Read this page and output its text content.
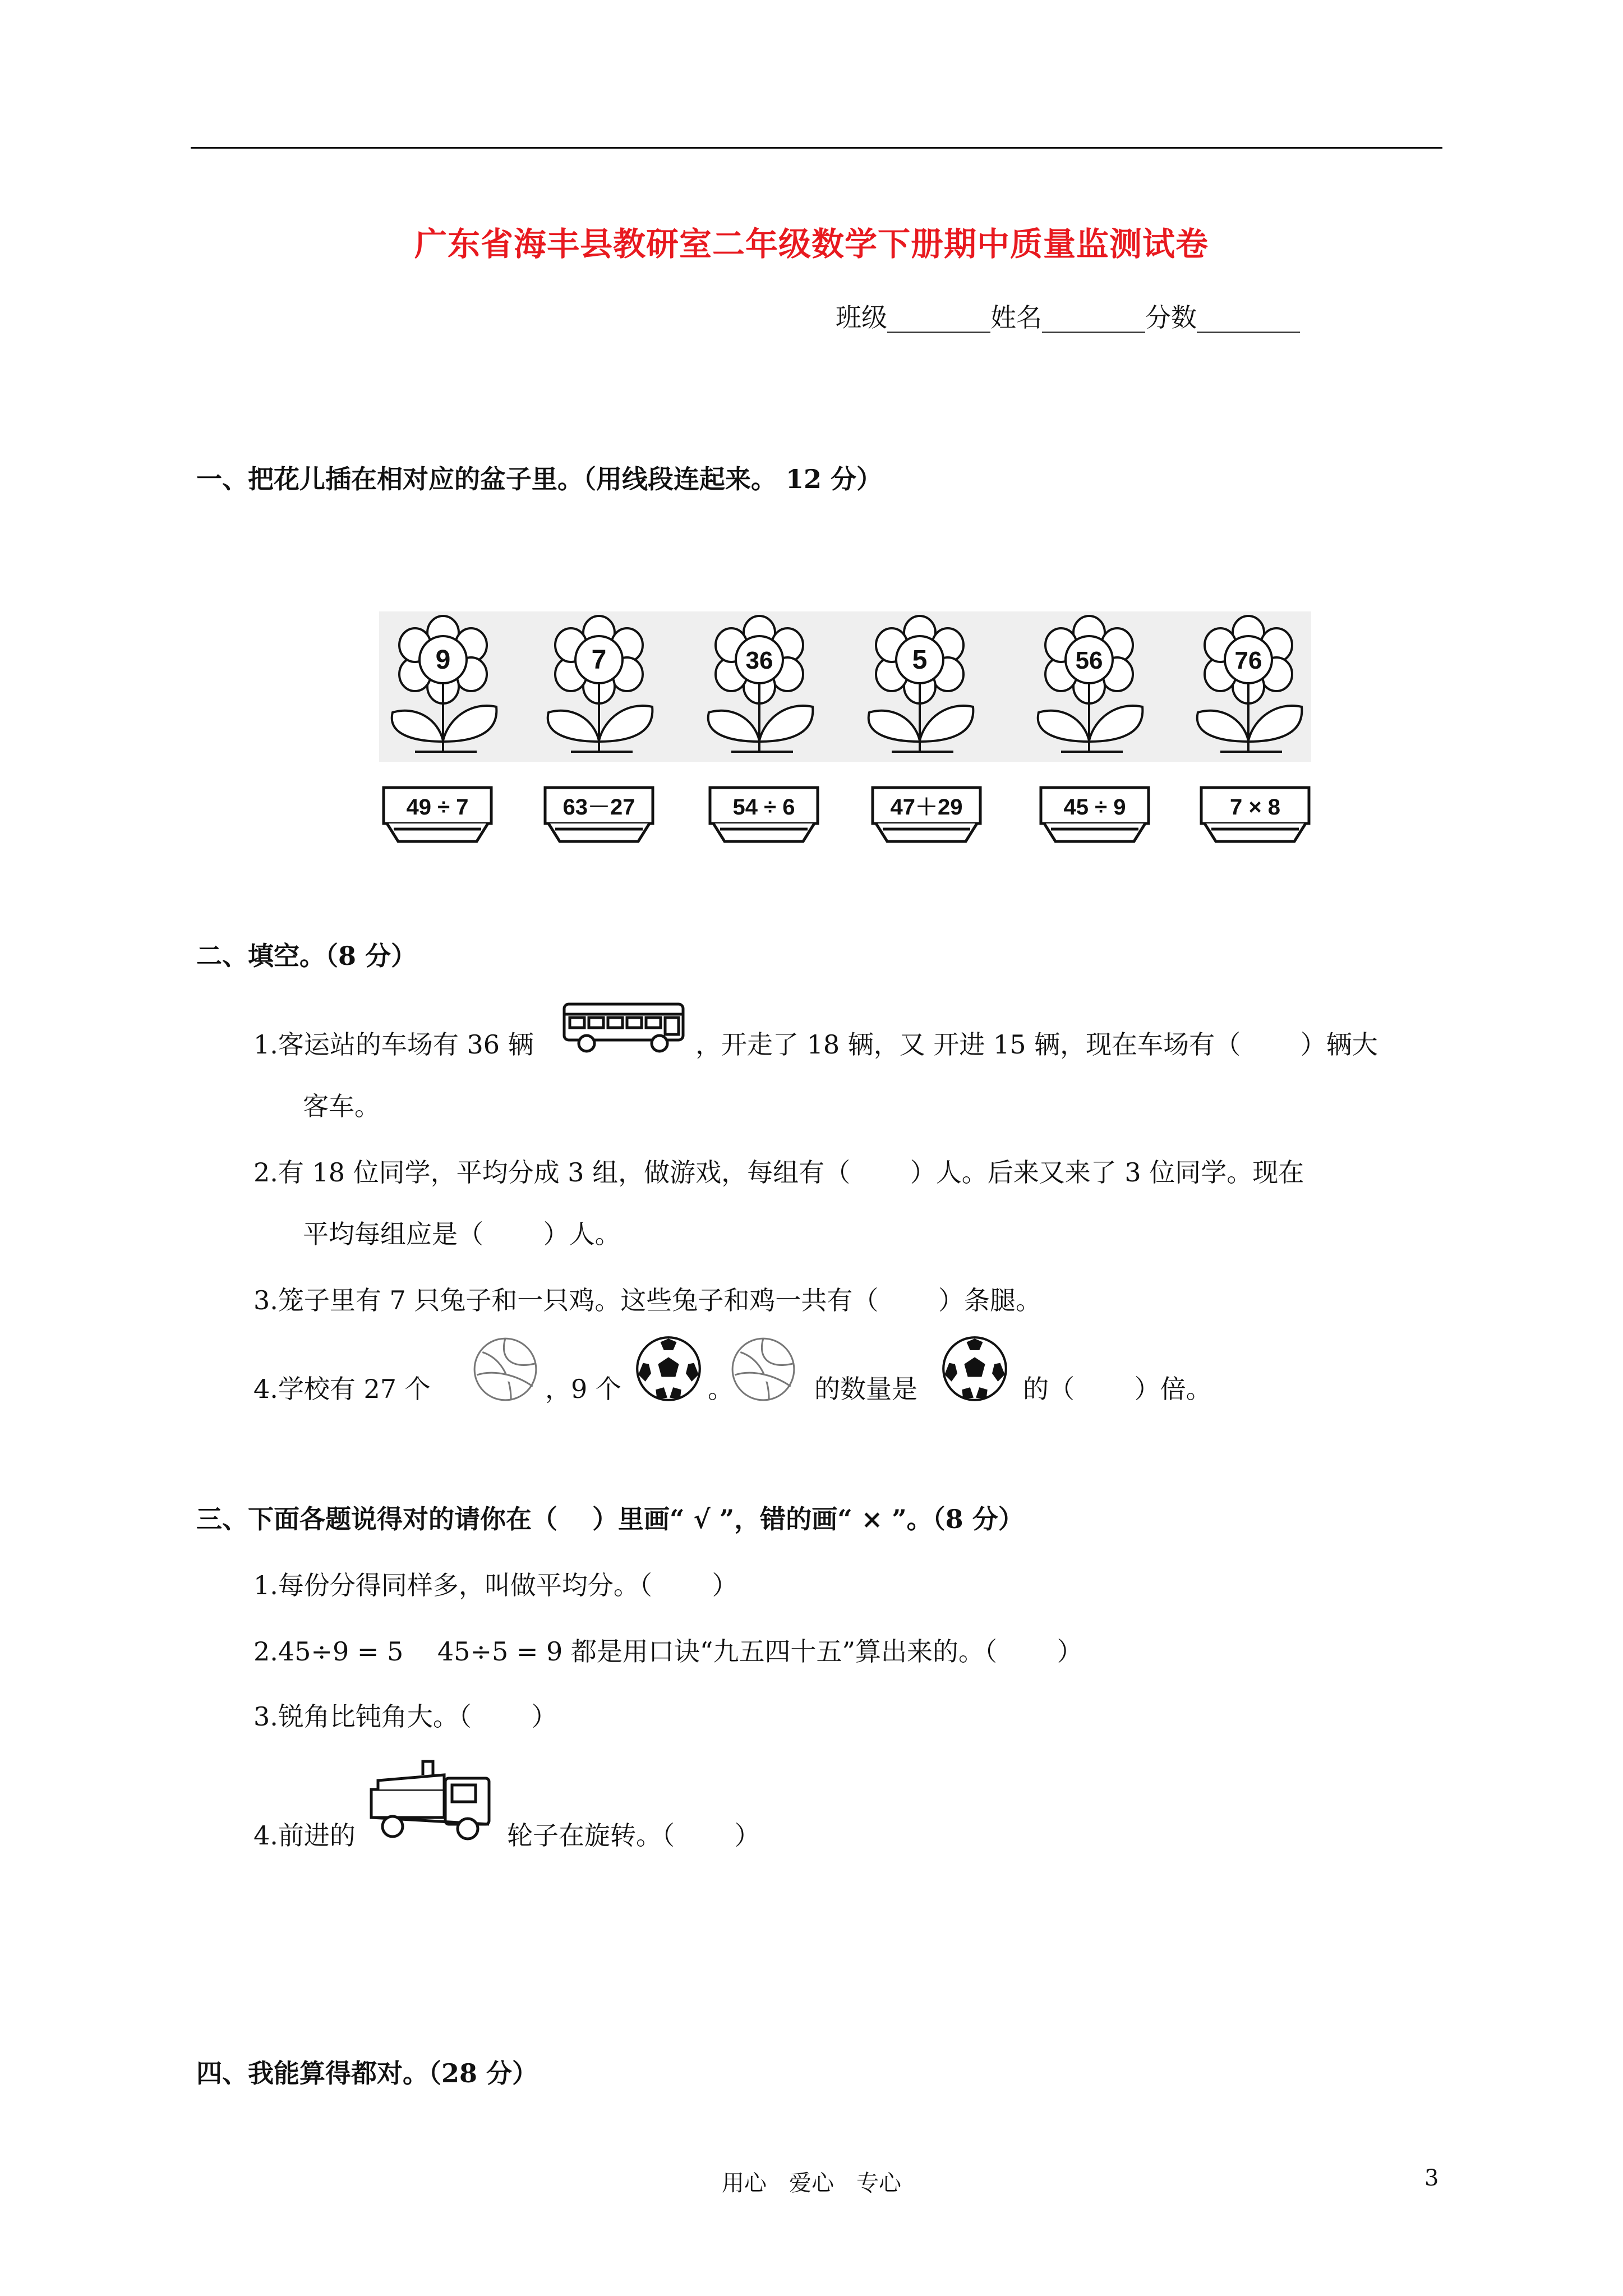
广东省海丰县教研室二年级数学下册期中质量监测试卷
班级________姓名________分数________
一、把花儿插在相对应的盆子里。（用线段连起来。 12 分）
9	7	36	5	56	76
49 ÷ 7	63－27	54 ÷ 6	47＋29	45 ÷ 9	7 × 8
二、填空。（8 分）
1.客运站的车场有 36 辆	，开走了 18 辆，又 开进 15 辆，现在车场有（　　 ）辆大
客车。
2.有 18 位同学，平均分成 3 组，做游戏，每组有（　　 ）人。后来又来了 3 位同学。现在
平均每组应是（　　 ）人。
3.笼子里有 7 只兔子和一只鸡。这些兔子和鸡一共有（　　 ）条腿。
4.学校有 27 个	，9 个	。	的数量是	的（　　 ）倍。
三、下面各题说得对的请你在（　 ）里画“ √ ”，错的画“ × ”。（8 分）
1.每份分得同样多，叫做平均分。（　　 ）
2.45÷9 = 5　 45÷5 = 9 都是用口诀“九五四十五”算出来的。（　　 ）
3.锐角比钝角大。（　　 ）
4.前进的	轮子在旋转。（　　 ）
四、我能算得都对。（28 分）
用心　爱心　专心	3
